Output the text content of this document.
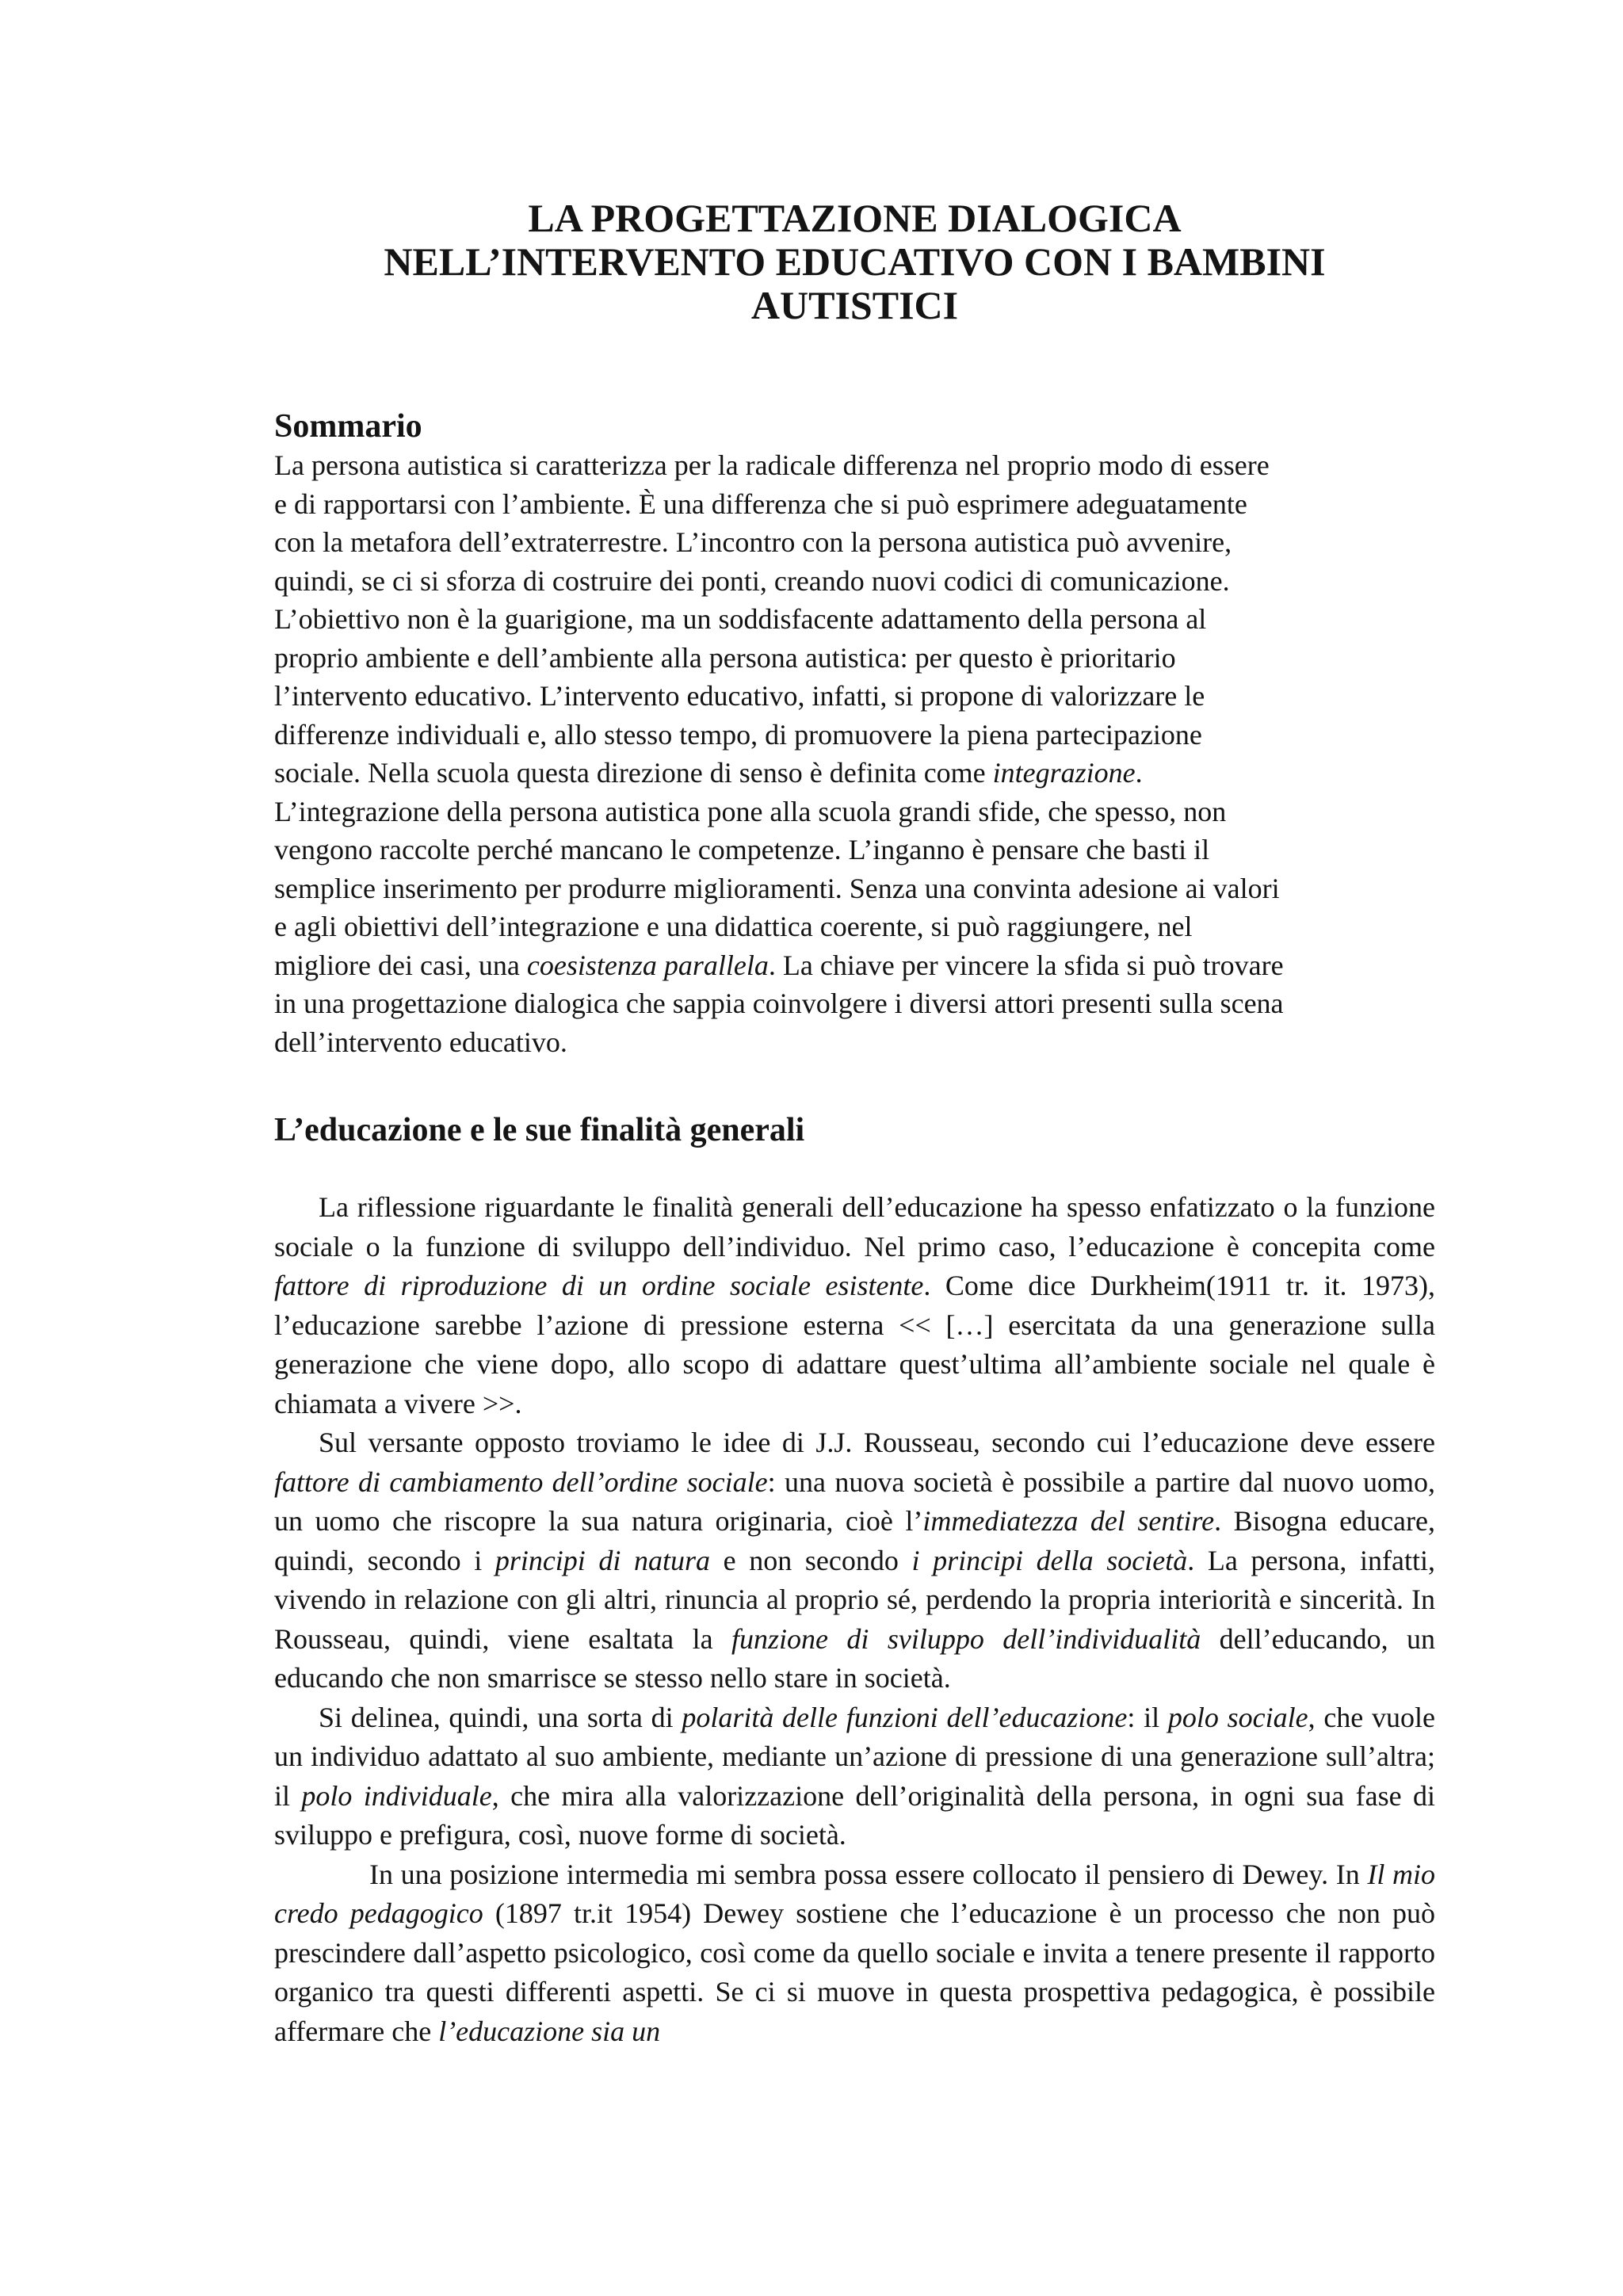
LA PROGETTAZIONE DIALOGICA
NELL’INTERVENTO EDUCATIVO CON I BAMBINI
AUTISTICI
Sommario

La persona autistica si caratterizza per la radicale differenza nel proprio modo di essere
e di rapportarsi con l’ambiente. È una differenza che si può esprimere adeguatamente
con la metafora dell’extraterrestre. L’incontro con la persona autistica può avvenire,
quindi, se ci si sforza di costruire dei ponti, creando nuovi codici di comunicazione.
L’obiettivo non è la guarigione, ma un soddisfacente adattamento della persona al
proprio ambiente e dell’ambiente alla persona autistica: per questo è prioritario
l’intervento educativo. L’intervento educativo, infatti, si propone di valorizzare le
differenze individuali e, allo stesso tempo, di promuovere la piena partecipazione
sociale. Nella scuola questa direzione di senso è definita come integrazione.
L’integrazione della persona autistica pone alla scuola grandi sfide, che spesso, non
vengono raccolte perché mancano le competenze. L’inganno è pensare che basti il
semplice inserimento per produrre miglioramenti. Senza una convinta adesione ai valori
e agli obiettivi dell’integrazione e una didattica coerente, si può raggiungere, nel
migliore dei casi, una coesistenza parallela. La chiave per vincere la sfida si può trovare
in una progettazione dialogica che sappia coinvolgere i diversi attori presenti sulla scena
dell’intervento educativo.

L’educazione e le sue finalità generali

La riflessione riguardante le finalità generali dell’educazione ha spesso enfatizzato o la funzione sociale o la funzione di sviluppo dell’individuo. Nel primo caso, l’educazione è concepita come fattore di riproduzione di un ordine sociale esistente. Come dice Durkheim(1911 tr. it. 1973), l’educazione sarebbe l’azione di pressione esterna << […] esercitata da una generazione sulla generazione che viene dopo, allo scopo di adattare quest’ultima all’ambiente sociale nel quale è chiamata a vivere >>.

Sul versante opposto troviamo le idee di J.J. Rousseau, secondo cui l’educazione deve essere fattore di cambiamento dell’ordine sociale: una nuova società è possibile a partire dal nuovo uomo, un uomo che riscopre la sua natura originaria, cioè l’immediatezza del sentire. Bisogna educare, quindi, secondo i principi di natura e non secondo i principi della società. La persona, infatti, vivendo in relazione con gli altri, rinuncia al proprio sé, perdendo la propria interiorità e sincerità. In Rousseau, quindi, viene esaltata la funzione di sviluppo dell’individualità dell’educando, un educando che non smarrisce se stesso nello stare in società.

Si delinea, quindi, una sorta di polarità delle funzioni dell’educazione: il polo sociale, che vuole un individuo adattato al suo ambiente, mediante un’azione di pressione di una generazione sull’altra; il polo individuale, che mira alla valorizzazione dell’originalità della persona, in ogni sua fase di sviluppo e prefigura, così, nuove forme di società.

In una posizione intermedia mi sembra possa essere collocato il pensiero di Dewey. In Il mio credo pedagogico (1897 tr.it 1954) Dewey sostiene che l’educazione è un processo che non può prescindere dall’aspetto psicologico, così come da quello sociale e invita a tenere presente il rapporto organico tra questi differenti aspetti. Se ci si muove in questa prospettiva pedagogica, è possibile affermare che l’educazione sia un
